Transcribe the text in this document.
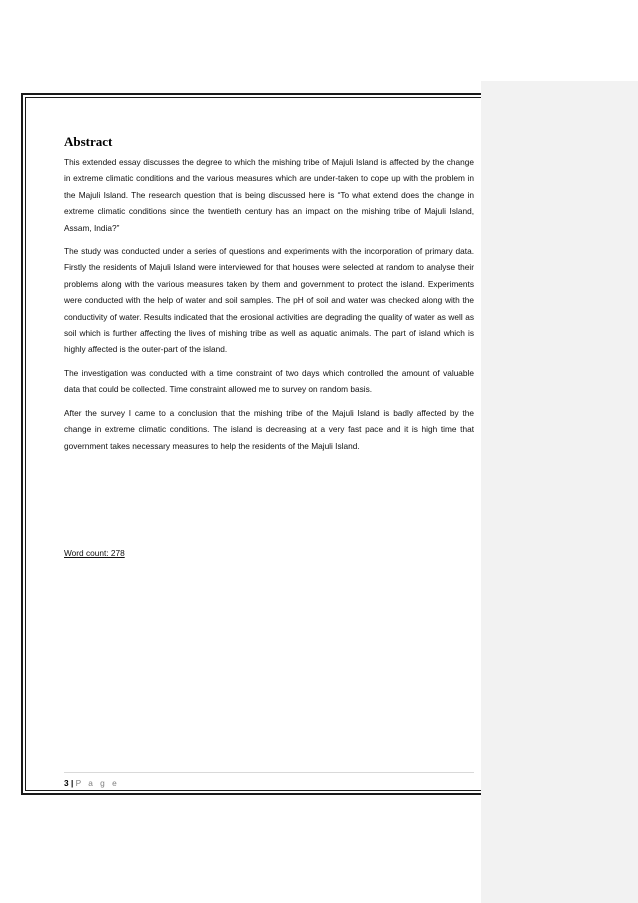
Abstract

This extended essay discusses the degree to which the mishing tribe of Majuli Island is affected by the change in extreme climatic conditions and the various measures which are under-taken to cope up with the problem in the Majuli Island. The research question that is being discussed here is “To what extend does the change in extreme climatic conditions since the twentieth century has an impact on the mishing tribe of Majuli Island, Assam, India?”

The study was conducted under a series of questions and experiments with the incorporation of primary data. Firstly the residents of Majuli Island were interviewed for that houses were selected at random to analyse their problems along with the various measures taken by them and government to protect the island. Experiments were conducted with the help of water and soil samples. The pH of soil and water was checked along with the conductivity of water. Results indicated that the erosional activities are degrading the quality of water as well as soil which is further affecting the lives of mishing tribe as well as aquatic animals. The part of island which is highly affected is the outer-part of the island.

The investigation was conducted with a time constraint of two days which controlled the amount of valuable data that could be collected. Time constraint allowed me to survey on random basis.

After the survey I came to a conclusion that the mishing tribe of the Majuli Island is badly affected by the change in extreme climatic conditions. The island is decreasing at a very fast pace and it is high time that government takes necessary measures to help the residents of the Majuli Island.

Word count: 278
3 | P a g e
